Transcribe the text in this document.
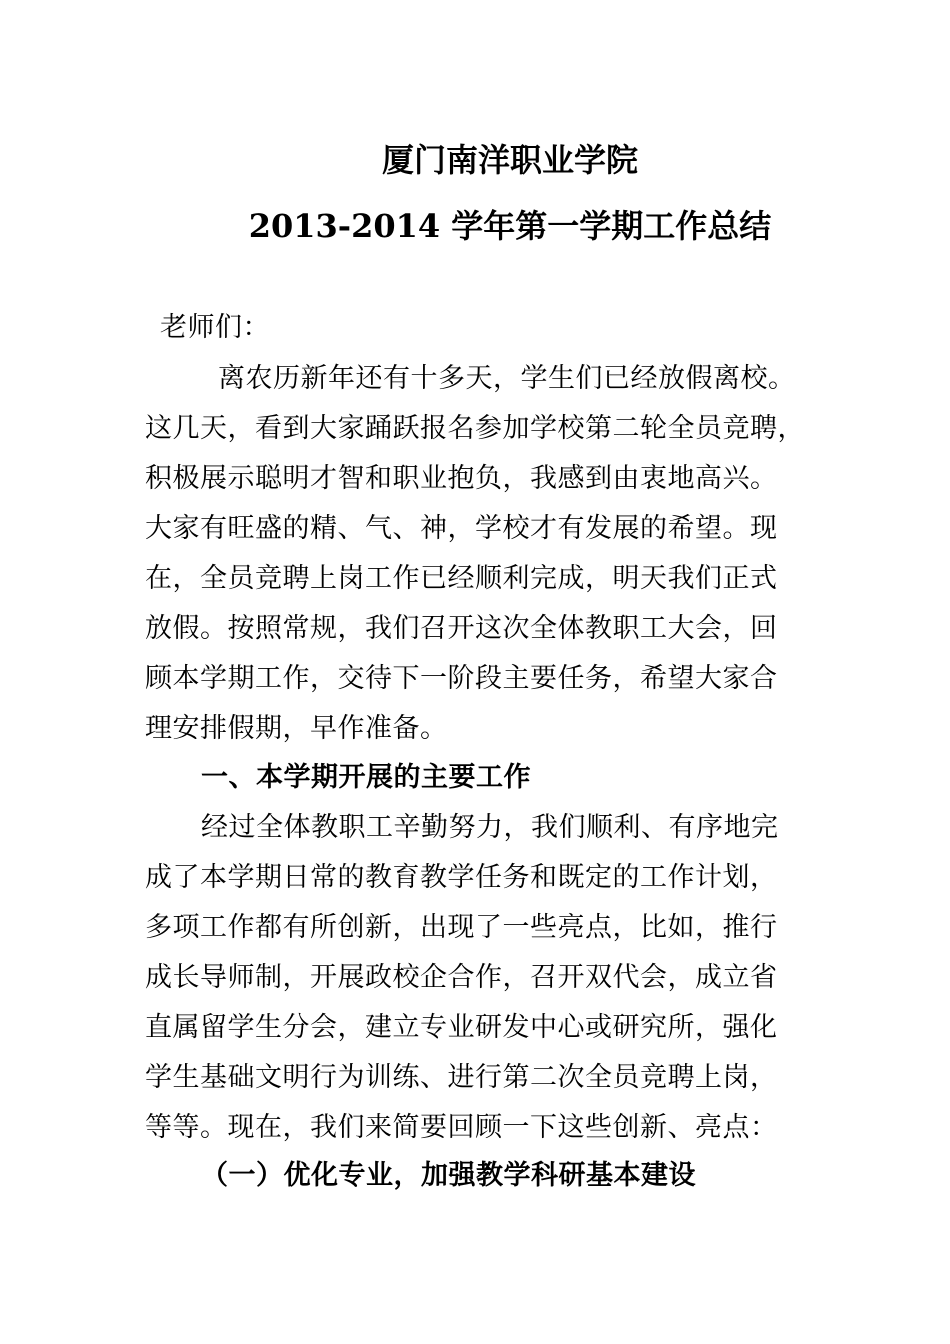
厦门南洋职业学院
2013-2014 学年第一学期工作总结
老师们：
离农历新年还有十多天，学生们已经放假离校。
这几天，看到大家踊跃报名参加学校第二轮全员竞聘，
积极展示聪明才智和职业抱负，我感到由衷地高兴。
大家有旺盛的精、气、神，学校才有发展的希望。现
在，全员竞聘上岗工作已经顺利完成，明天我们正式
放假。按照常规，我们召开这次全体教职工大会，回
顾本学期工作，交待下一阶段主要任务，希望大家合
理安排假期，早作准备。
一、本学期开展的主要工作
经过全体教职工辛勤努力，我们顺利、有序地完
成了本学期日常的教育教学任务和既定的工作计划，
多项工作都有所创新，出现了一些亮点，比如，推行
成长导师制，开展政校企合作，召开双代会，成立省
直属留学生分会，建立专业研发中心或研究所，强化
学生基础文明行为训练、进行第二次全员竞聘上岗，
等等。现在，我们来简要回顾一下这些创新、亮点：
（一）优化专业，加强教学科研基本建设
